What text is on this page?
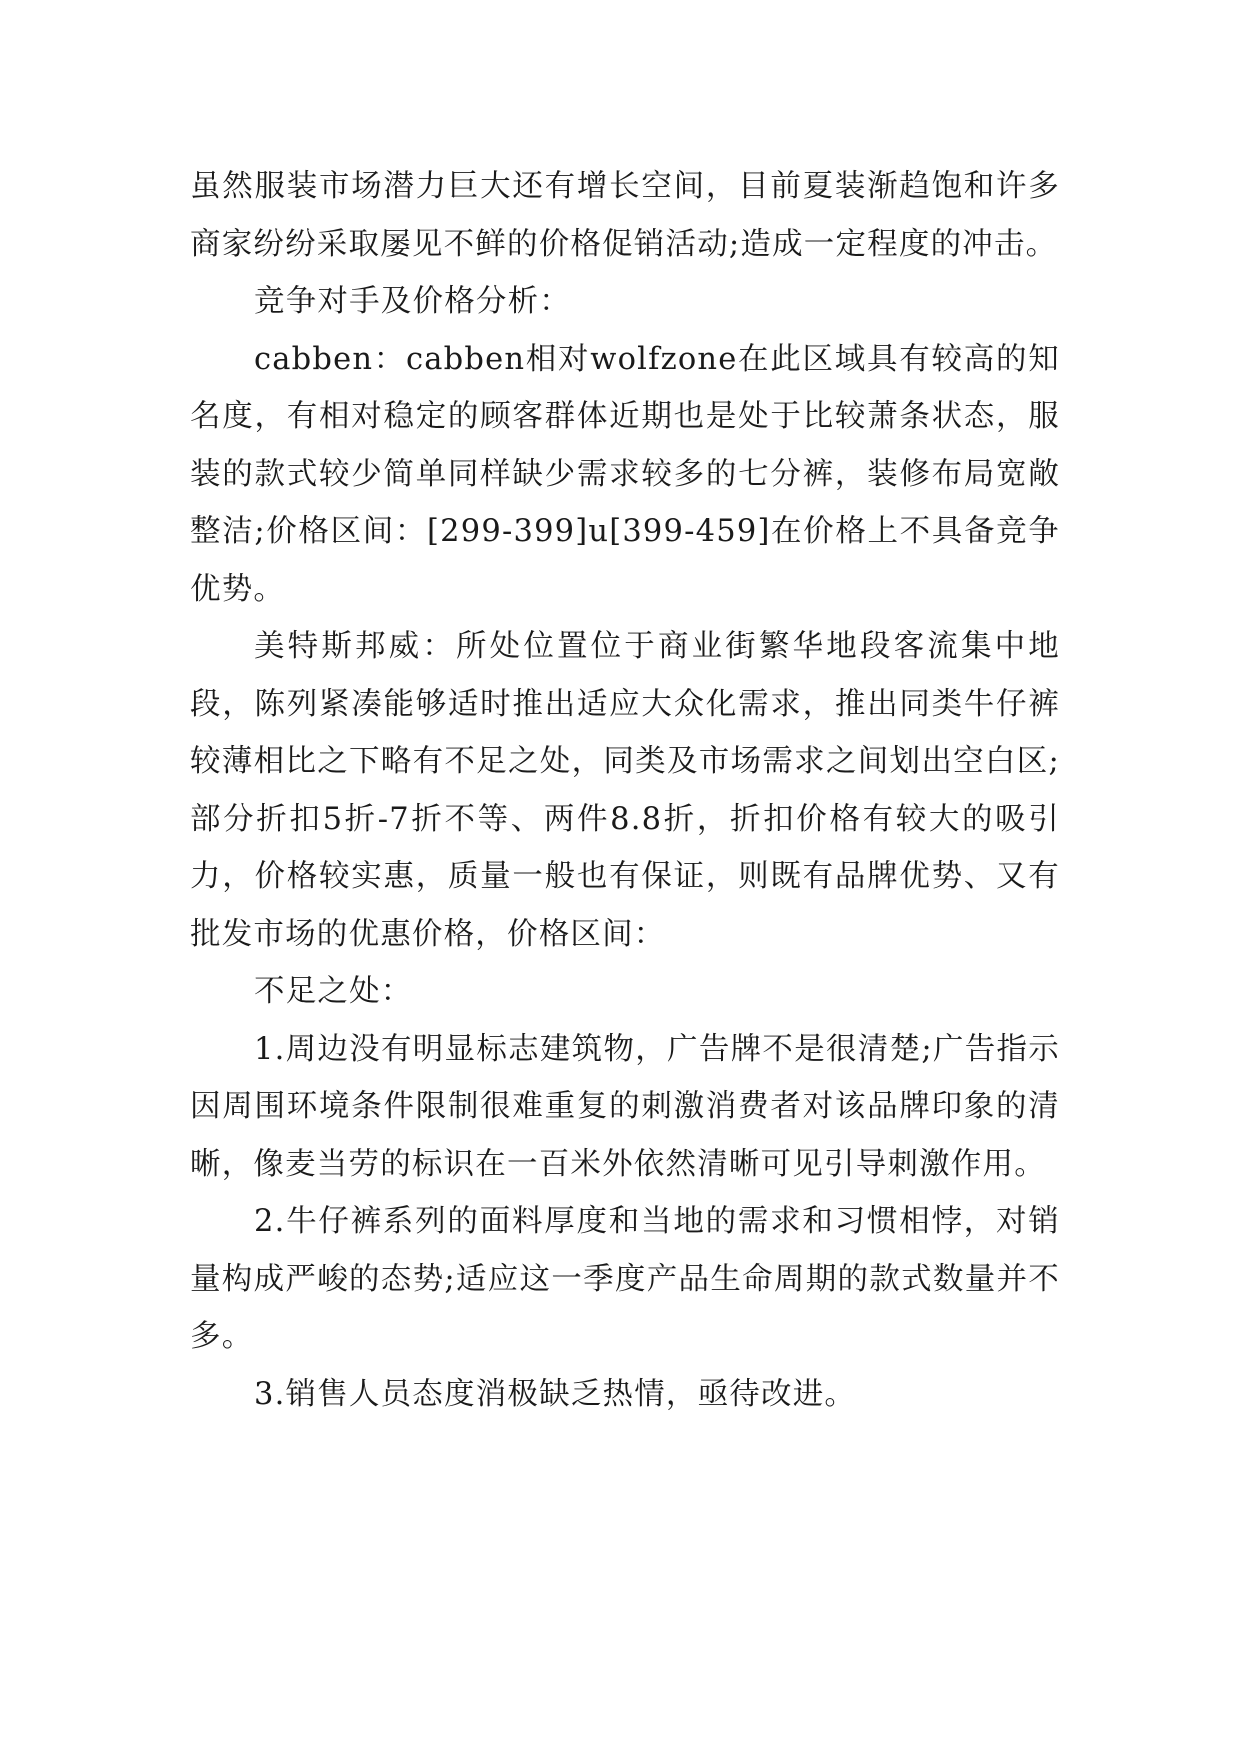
虽然服装市场潜力巨大还有增长空间，目前夏装渐趋饱和许多商家纷纷采取屡见不鲜的价格促销活动;造成一定程度的冲击。

竞争对手及价格分析：

cabben：cabben相对wolfzone在此区域具有较高的知名度，有相对稳定的顾客群体近期也是处于比较萧条状态，服装的款式较少简单同样缺少需求较多的七分裤，装修布局宽敞整洁;价格区间：[299-399]u[399-459]在价格上不具备竞争优势。

美特斯邦威：所处位置位于商业街繁华地段客流集中地段，陈列紧凑能够适时推出适应大众化需求，推出同类牛仔裤较薄相比之下略有不足之处，同类及市场需求之间划出空白区;部分折扣5折-7折不等、两件8.8折，折扣价格有较大的吸引力，价格较实惠，质量一般也有保证，则既有品牌优势、又有批发市场的优惠价格，价格区间：

不足之处：

1.周边没有明显标志建筑物，广告牌不是很清楚;广告指示因周围环境条件限制很难重复的刺激消费者对该品牌印象的清晰，像麦当劳的标识在一百米外依然清晰可见引导刺激作用。

2.牛仔裤系列的面料厚度和当地的需求和习惯相悖，对销量构成严峻的态势;适应这一季度产品生命周期的款式数量并不多。

3.销售人员态度消极缺乏热情，亟待改进。
